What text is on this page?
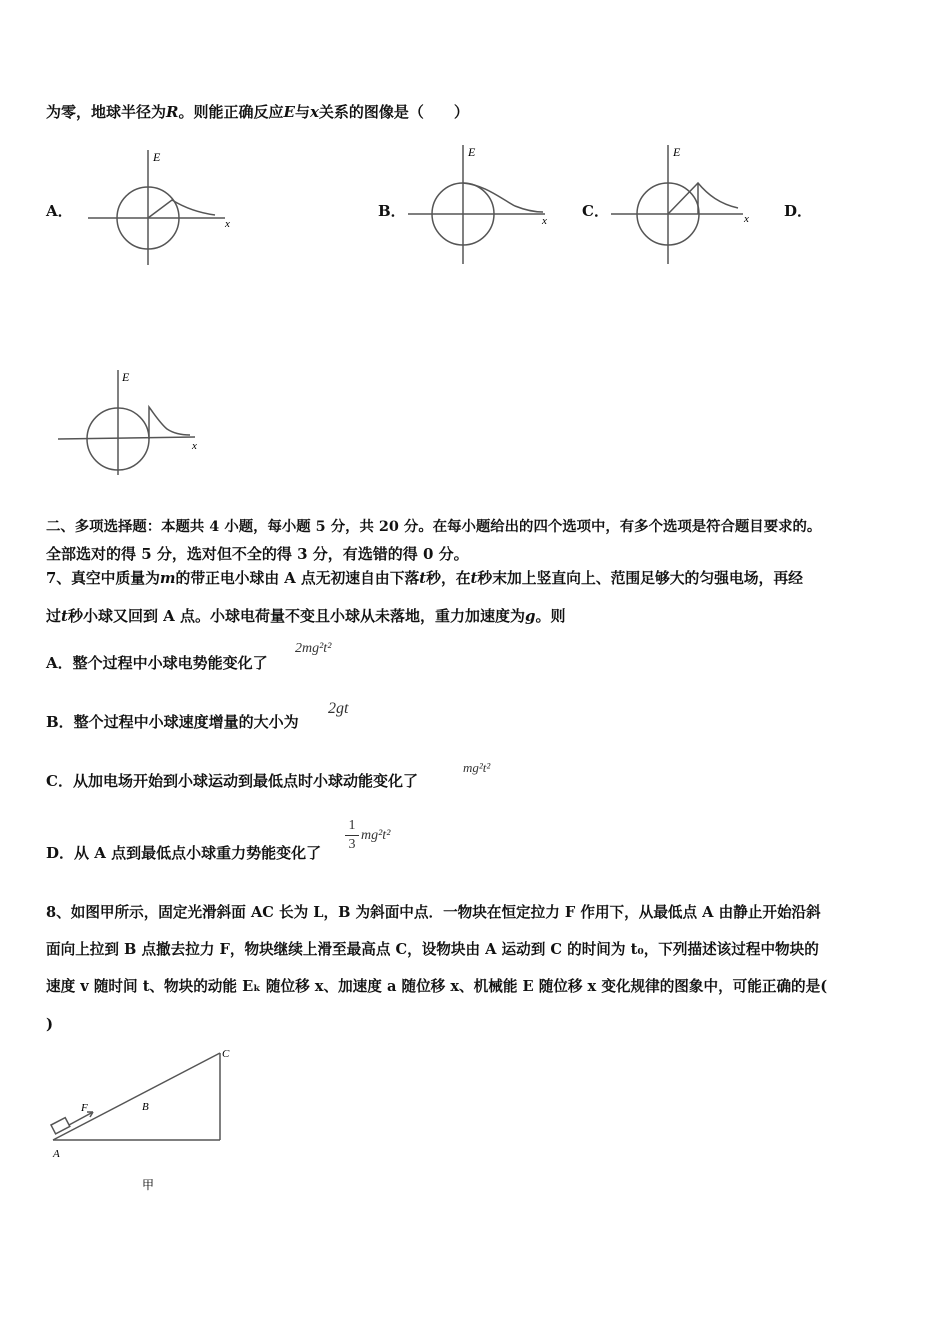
为零，地球半径为R。则能正确反应E与x关系的图像是（　　）
A．	B．	C．	D．
E
x
E
x
E
x
E
x
二、多项选择题：本题共 4 小题，每小题 5 分，共 20 分。在每小题给出的四个选项中，有多个选项是符合题目要求的。
全部选对的得 5 分，选对但不全的得 3 分，有选错的得 0 分。
7、真空中质量为m的带正电小球由 A 点无初速自由下落t秒，在t秒末加上竖直向上、范围足够大的匀强电场，再经
过t秒小球又回到 A 点。小球电荷量不变且小球从未落地，重力加速度为g。则
A．整个过程中小球电势能变化了
2mg²t²
B．整个过程中小球速度增量的大小为
2gt
C．从加电场开始到小球运动到最低点时小球动能变化了
mg²t²
D．从 A 点到最低点小球重力势能变化了
1
3
mg²t²
8、如图甲所示，固定光滑斜面 AC 长为 L，B 为斜面中点．一物块在恒定拉力 F 作用下，从最低点 A 由静止开始沿斜
面向上拉到 B 点撤去拉力 F，物块继续上滑至最高点 C，设物块由 A 运动到 C 的时间为 t₀，下列描述该过程中物块的
速度 v 随时间 t、物块的动能 Eₖ 随位移 x、加速度 a 随位移 x、机械能 E 随位移 x 变化规律的图象中，可能正确的是(
)
C
B
F
A
甲
